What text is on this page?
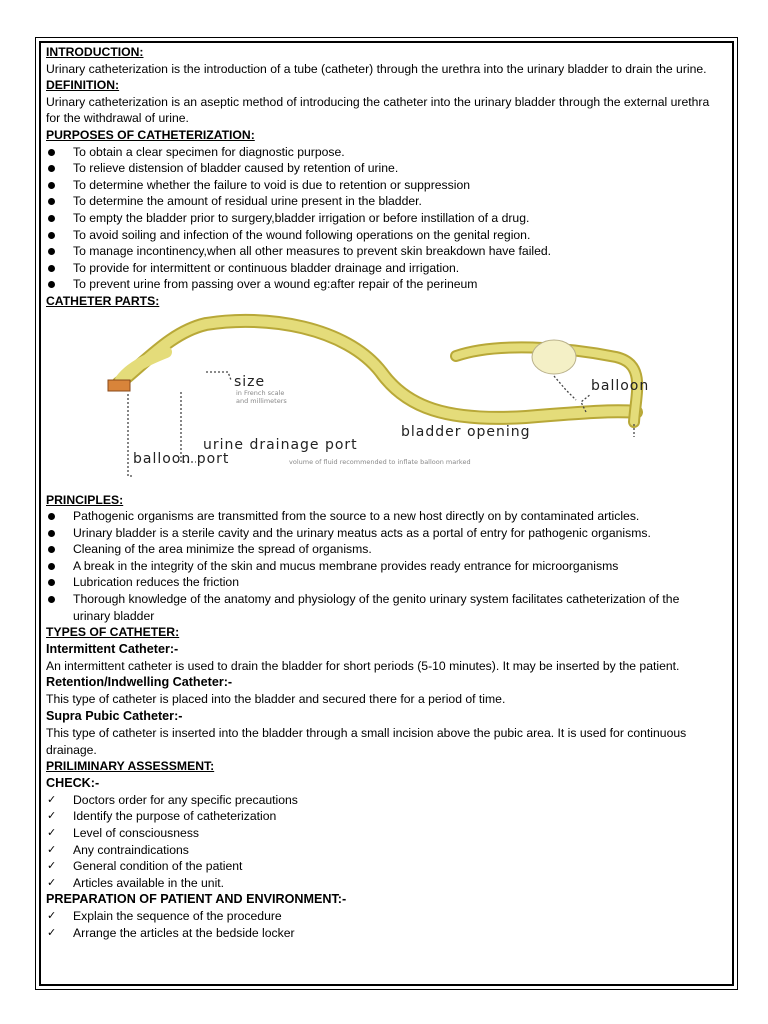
INTRODUCTION:

Urinary catheterization is the introduction of a tube (catheter) through the urethra into the urinary bladder to drain the urine.

DEFINITION:

Urinary catheterization is an aseptic method of introducing the catheter into the urinary bladder through the external urethra for the withdrawal of urine.

PURPOSES OF CATHETERIZATION:
To obtain a clear specimen for diagnostic purpose.
To relieve distension of bladder caused by retention of urine.
To determine whether the failure to void is due to retention or suppression
To determine the amount of residual urine present in the bladder.
To empty the bladder prior to surgery,bladder irrigation or before instillation of a drug.
To avoid soiling and infection of the wound following operations on the genital region.
To manage incontinency,when all other measures to prevent skin breakdown have failed.
To provide for intermittent or continuous bladder drainage and irrigation.
To prevent urine from passing over a wound eg:after repair of the perineum
CATHETER PARTS:
size
in French scale
and millimeters
balloon
bladder opening
urine drainage port
balloon port	volume of fluid recommended to inflate balloon marked
PRINCIPLES:
Pathogenic organisms are transmitted from the source to a new host directly on by contaminated articles.
Urinary bladder is a sterile cavity and the urinary meatus acts as a portal of entry for pathogenic organisms.
Cleaning of the area minimize the spread of organisms.
A break in the integrity of the skin and mucus membrane provides ready entrance for microorganisms
Lubrication reduces the friction
Thorough knowledge of the anatomy and physiology of the genito urinary system facilitates catheterization of the urinary bladder
TYPES OF CATHETER:
Intermittent Catheter:-

An intermittent catheter is used to drain the bladder for short periods (5-10 minutes). It may be inserted by the patient.

Retention/Indwelling Catheter:-

This type of catheter is placed into the bladder and secured there for a period of time.

Supra Pubic Catheter:-

This type of catheter is inserted into the bladder through a small incision above the pubic area. It is used for continuous drainage.

PRILIMINARY ASSESSMENT:
CHECK:-
✓ Doctors order for any specific precautions
✓ Identify the purpose of catheterization
✓ Level of consciousness
✓ Any contraindications
✓ General condition of the patient
✓ Articles available in the unit.
PREPARATION OF PATIENT AND ENVIRONMENT:-
✓ Explain the sequence of the procedure
✓ Arrange the articles at the bedside locker
